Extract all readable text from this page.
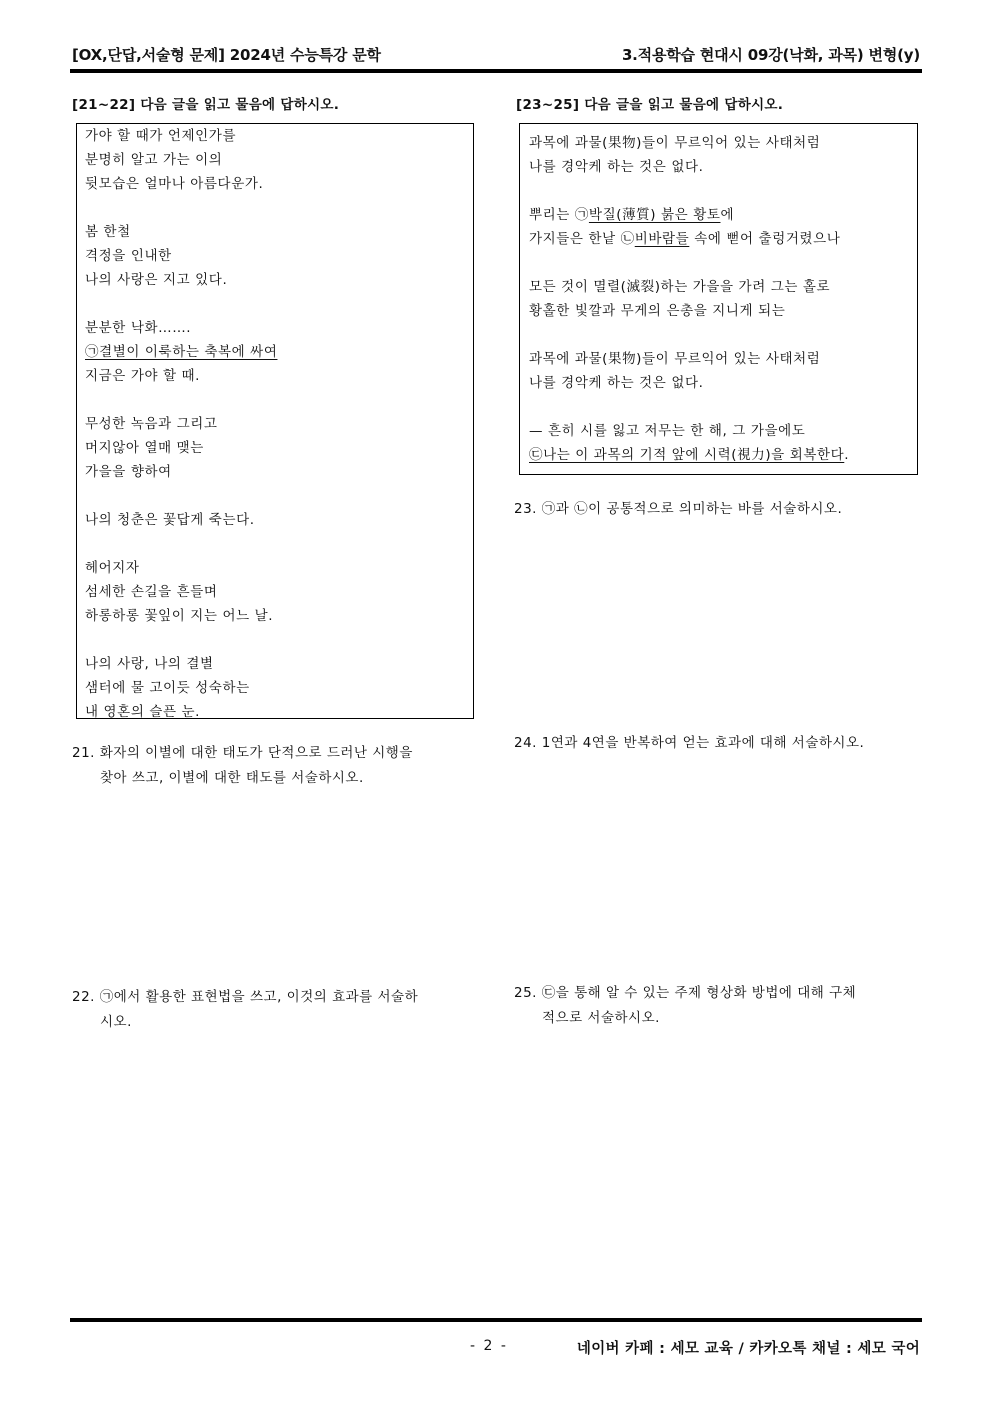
[OX,단답,서술형 문제] 2024년 수능특강 문학	3.적용학습 현대시 09강(낙화, 과목) 변형(y)
[21~22] 다음 글을 읽고 물음에 답하시오.
가야 할 때가 언제인가를
분명히 알고 가는 이의
뒷모습은 얼마나 아름다운가.
봄 한철
격정을 인내한
나의 사랑은 지고 있다.
분분한 낙화…….
㉠결별이 이룩하는 축복에 싸여
지금은 가야 할 때.
무성한 녹음과 그리고
머지않아 열매 맺는
가을을 향하여
나의 청춘은 꽃답게 죽는다.
헤어지자
섬세한 손길을 흔들며
하롱하롱 꽃잎이 지는 어느 날.
나의 사랑, 나의 결별
샘터에 물 고이듯 성숙하는
내 영혼의 슬픈 눈.
[23~25] 다음 글을 읽고 물음에 답하시오.
과목에 과물(果物)들이 무르익어 있는 사태처럼
나를 경악케 하는 것은 없다.
뿌리는 ㉠박질(薄質) 붉은 황토에
가지들은 한낱 ㉡비바람들 속에 뻗어 출렁거렸으나
모든 것이 멸렬(滅裂)하는 가을을 가려 그는 홀로
황홀한 빛깔과 무게의 은총을 지니게 되는
과목에 과물(果物)들이 무르익어 있는 사태처럼
나를 경악케 하는 것은 없다.
— 흔히 시를 잃고 저무는 한 해, 그 가을에도
㉢나는 이 과목의 기적 앞에 시력(視力)을 회복한다.
21. 화자의 이별에 대한 태도가 단적으로 드러난 시행을
찾아 쓰고, 이별에 대한 태도를 서술하시오.
22. ㉠에서 활용한 표현법을 쓰고, 이것의 효과를 서술하
시오.
23. ㉠과 ㉡이 공통적으로 의미하는 바를 서술하시오.
24. 1연과 4연을 반복하여 얻는 효과에 대해 서술하시오.
25. ㉢을 통해 알 수 있는 주제 형상화 방법에 대해 구체
적으로 서술하시오.
- 2 -	네이버 카페 : 세모 교육 / 카카오톡 채널 : 세모 국어
